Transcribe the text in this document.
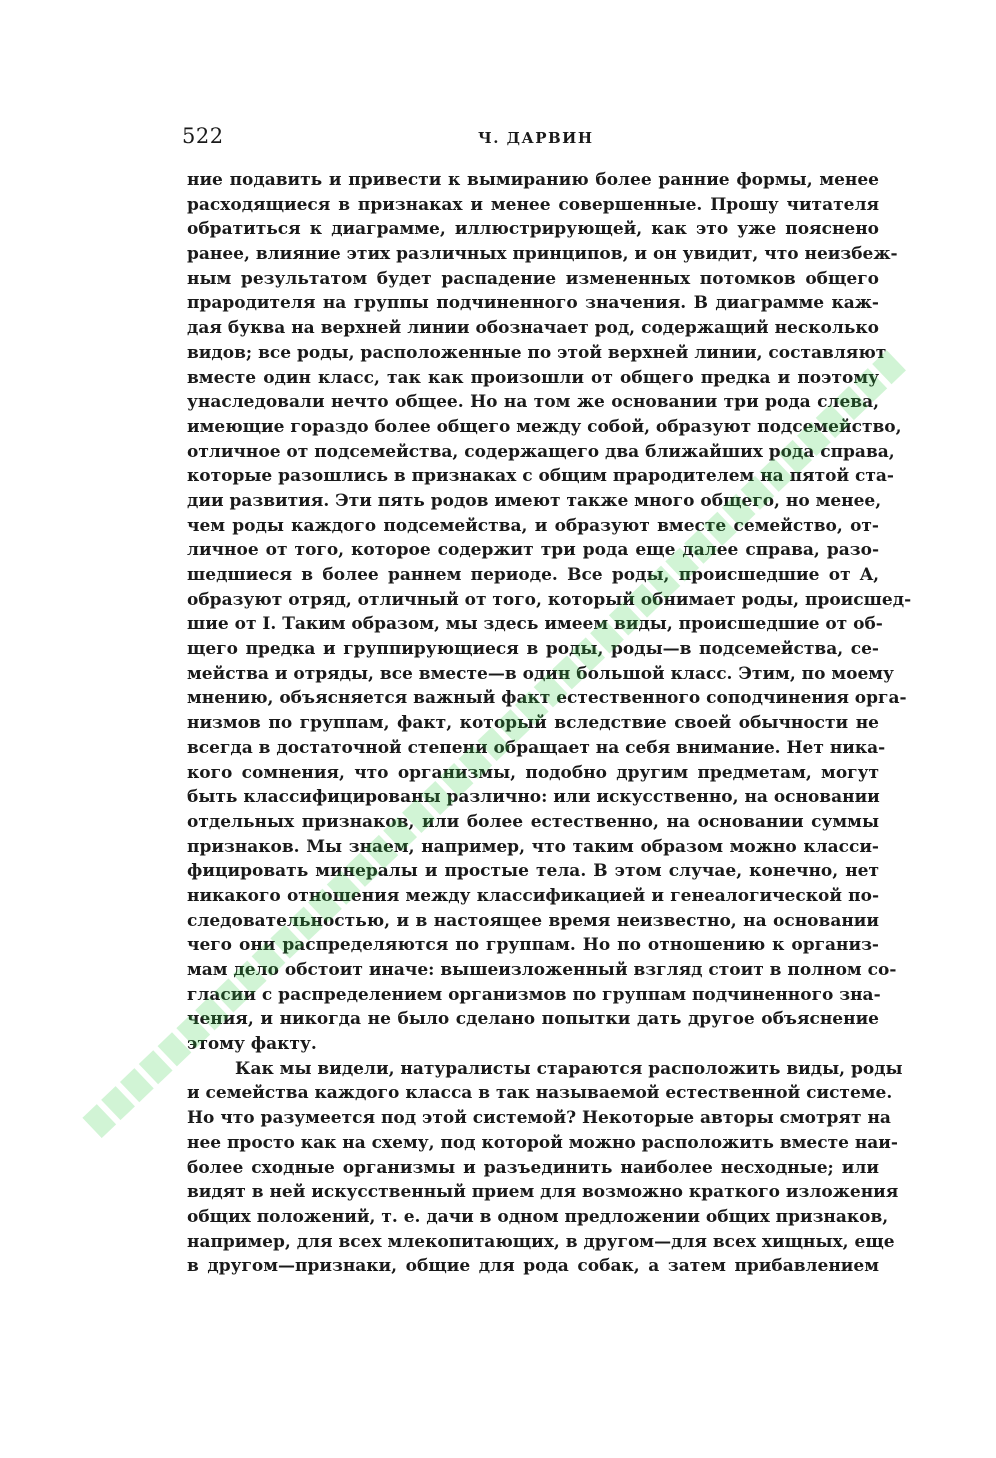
522	Ч. ДАРВИН
ние подавить и привести к вымиранию более ранние формы, менее
расходящиеся в признаках и менее совершенные. Прошу читателя
обратиться к диаграмме, иллюстрирующей, как это уже пояснено
ранее, влияние этих различных принципов, и он увидит, что неизбеж-
ным результатом будет распадение измененных потомков общего
прародителя на группы подчиненного значения. В диаграмме каж-
дая буква на верхней линии обозначает род, содержащий несколько
видов; все роды, расположенные по этой верхней линии, составляют
вместе один класс, так как произошли от общего предка и поэтому
унаследовали нечто общее. Но на том же основании три рода слева,
имеющие гораздо более общего между собой, образуют подсемейство,
отличное от подсемейства, содержащего два ближайших рода справа,
которые разошлись в признаках с общим прародителем на пятой ста-
дии развития. Эти пять родов имеют также много общего, но менее,
чем роды каждого подсемейства, и образуют вместе семейство, от-
личное от того, которое содержит три рода еще далее справа, разо-
шедшиеся в более раннем периоде. Все роды, происшедшие от A,
образуют отряд, отличный от того, который обнимает роды, происшед-
шие от I. Таким образом, мы здесь имеем виды, происшедшие от об-
щего предка и группирующиеся в роды, роды—в подсемейства, се-
мейства и отряды, все вместе—в один большой класс. Этим, по моему
мнению, объясняется важный факт естественного соподчинения орга-
низмов по группам, факт, который вследствие своей обычности не
всегда в достаточной степени обращает на себя внимание. Нет ника-
кого сомнения, что организмы, подобно другим предметам, могут
быть классифицированы различно: или искусственно, на основании
отдельных признаков, или более естественно, на основании суммы
признаков. Мы знаем, например, что таким образом можно класси-
фицировать минералы и простые тела. В этом случае, конечно, нет
никакого отношения между классификацией и генеалогической по-
следовательностью, и в настоящее время неизвестно, на основании
чего они распределяются по группам. Но по отношению к организ-
мам дело обстоит иначе: вышеизложенный взгляд стоит в полном со-
гласии с распределением организмов по группам подчиненного зна-
чения, и никогда не было сделано попытки дать другое объяснение
этому факту.
Как мы видели, натуралисты стараются расположить виды, роды
и семейства каждого класса в так называемой естественной системе.
Но что разумеется под этой системой? Некоторые авторы смотрят на
нее просто как на схему, под которой можно расположить вместе наи-
более сходные организмы и разъединить наиболее несходные; или
видят в ней искусственный прием для возможно краткого изложения
общих положений, т. е. дачи в одном предложении общих признаков,
например, для всех млекопитающих, в другом—для всех хищных, еще
в другом—признаки, общие для рода собак, а затем прибавлением
